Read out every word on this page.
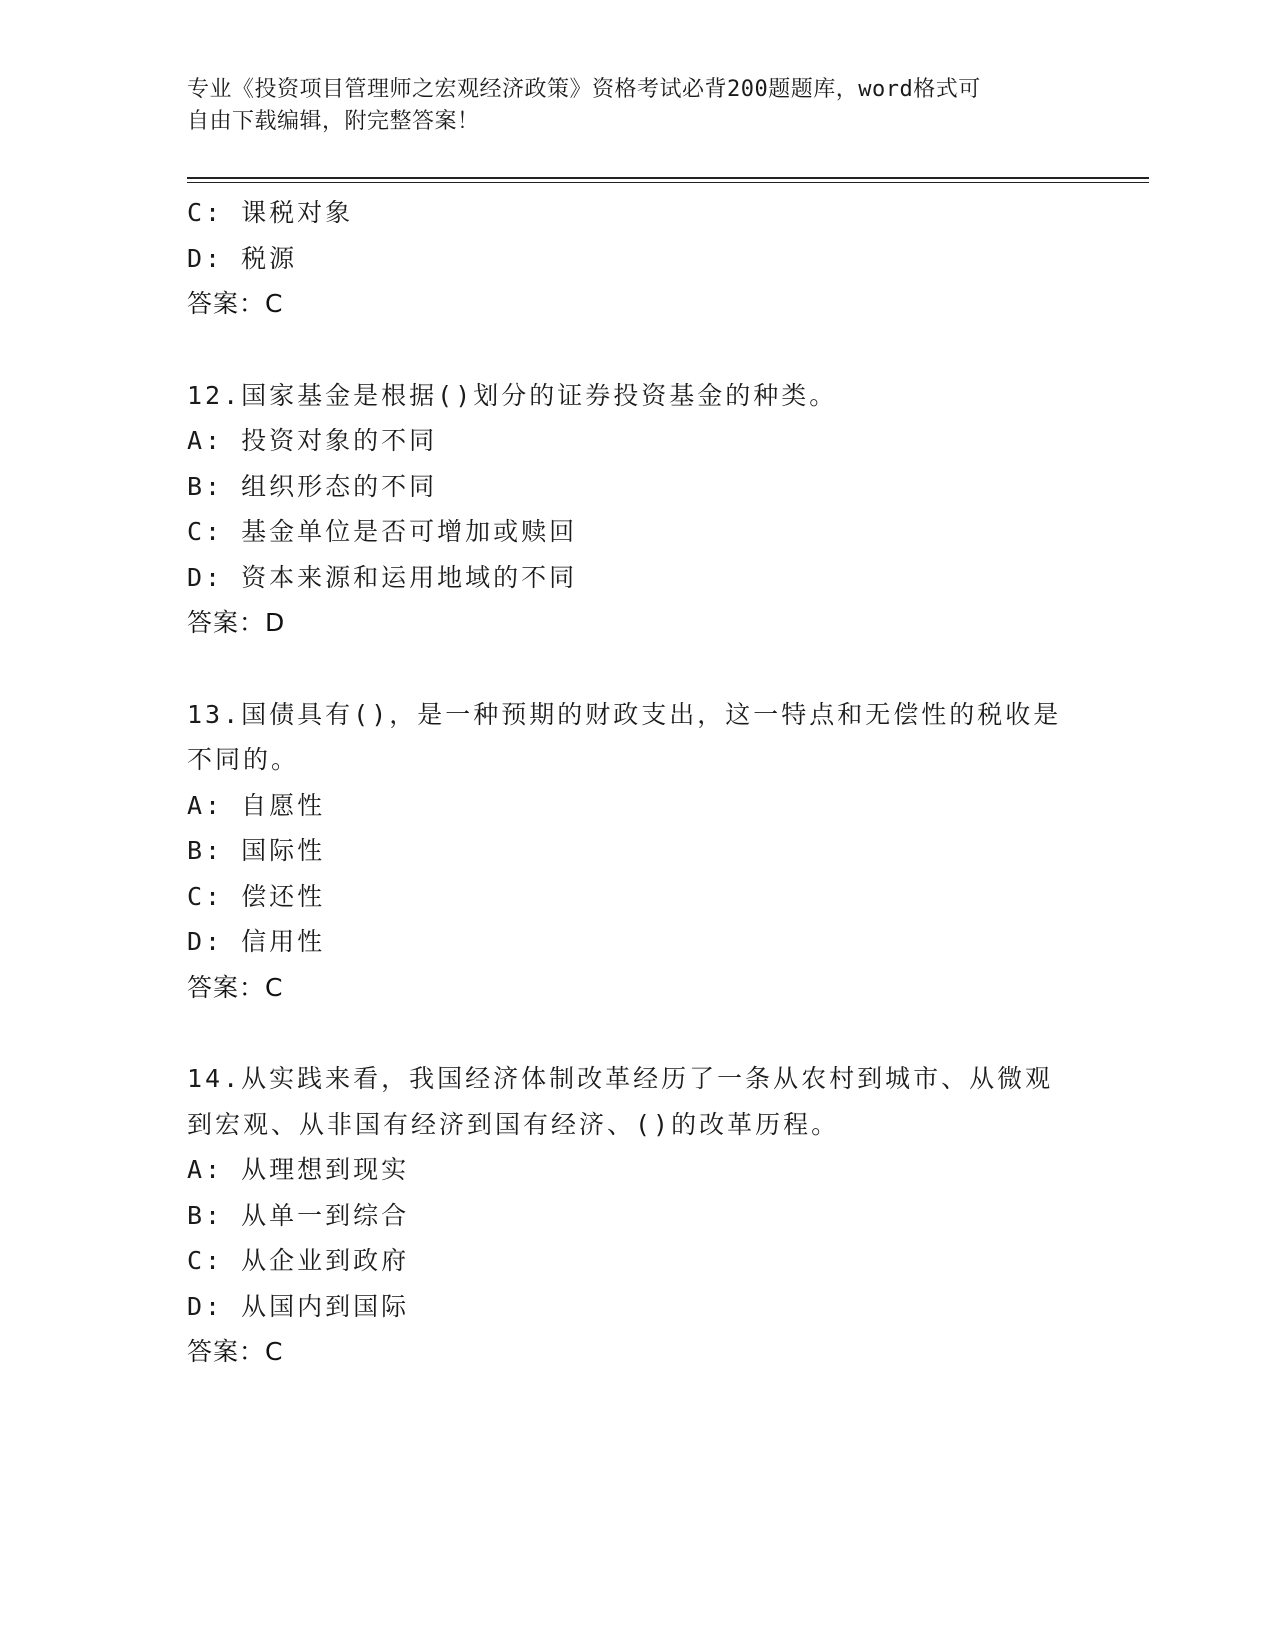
专业《投资项目管理师之宏观经济政策》资格考试必背200题题库，word格式可
自由下载编辑，附完整答案！
C: 课税对象
D: 税源
答案：C
12.国家基金是根据()划分的证券投资基金的种类。
A: 投资对象的不同
B: 组织形态的不同
C: 基金单位是否可增加或赎回
D: 资本来源和运用地域的不同
答案：D
13.国债具有()，是一种预期的财政支出，这一特点和无偿性的税收是不同的。
A: 自愿性
B: 国际性
C: 偿还性
D: 信用性
答案：C
14.从实践来看，我国经济体制改革经历了一条从农村到城市、从微观到宏观、从非国有经济到国有经济、()的改革历程。
A: 从理想到现实
B: 从单一到综合
C: 从企业到政府
D: 从国内到国际
答案：C
